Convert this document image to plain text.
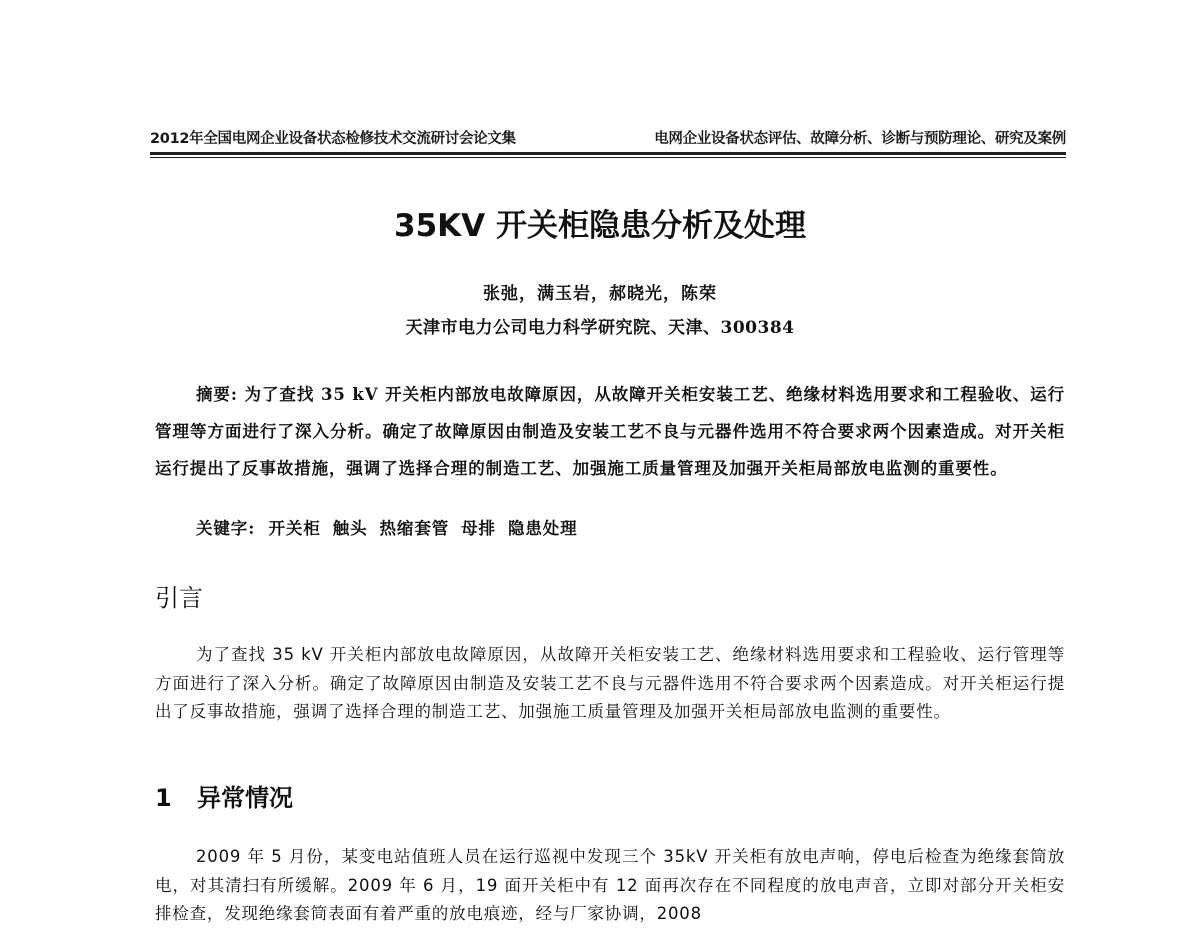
2012年全国电网企业设备状态检修技术交流研讨会论文集	电网企业设备状态评估、故障分析、诊断与预防理论、研究及案例
35KV 开关柜隐患分析及处理
张弛，满玉岩，郝晓光，陈荣
天津市电力公司电力科学研究院、天津、300384
摘要: 为了查找 35 kV 开关柜内部放电故障原因，从故障开关柜安装工艺、绝缘材料选用要求和工程验收、运行管理等方面进行了深入分析。确定了故障原因由制造及安装工艺不良与元器件选用不符合要求两个因素造成。对开关柜运行提出了反事故措施，强调了选择合理的制造工艺、加强施工质量管理及加强开关柜局部放电监测的重要性。
关键字: 开关柜 触头 热缩套管 母排 隐患处理
引言
为了查找 35 kV 开关柜内部放电故障原因，从故障开关柜安装工艺、绝缘材料选用要求和工程验收、运行管理等方面进行了深入分析。确定了故障原因由制造及安装工艺不良与元器件选用不符合要求两个因素造成。对开关柜运行提出了反事故措施，强调了选择合理的制造工艺、加强施工质量管理及加强开关柜局部放电监测的重要性。
1 异常情况
2009 年 5 月份，某变电站值班人员在运行巡视中发现三个 35kV 开关柜有放电声响，停电后检查为绝缘套筒放电，对其清扫有所缓解。2009 年 6 月，19 面开关柜中有 12 面再次存在不同程度的放电声音，立即对部分开关柜安排检查，发现绝缘套筒表面有着严重的放电痕迹，经与厂家协调，2008
